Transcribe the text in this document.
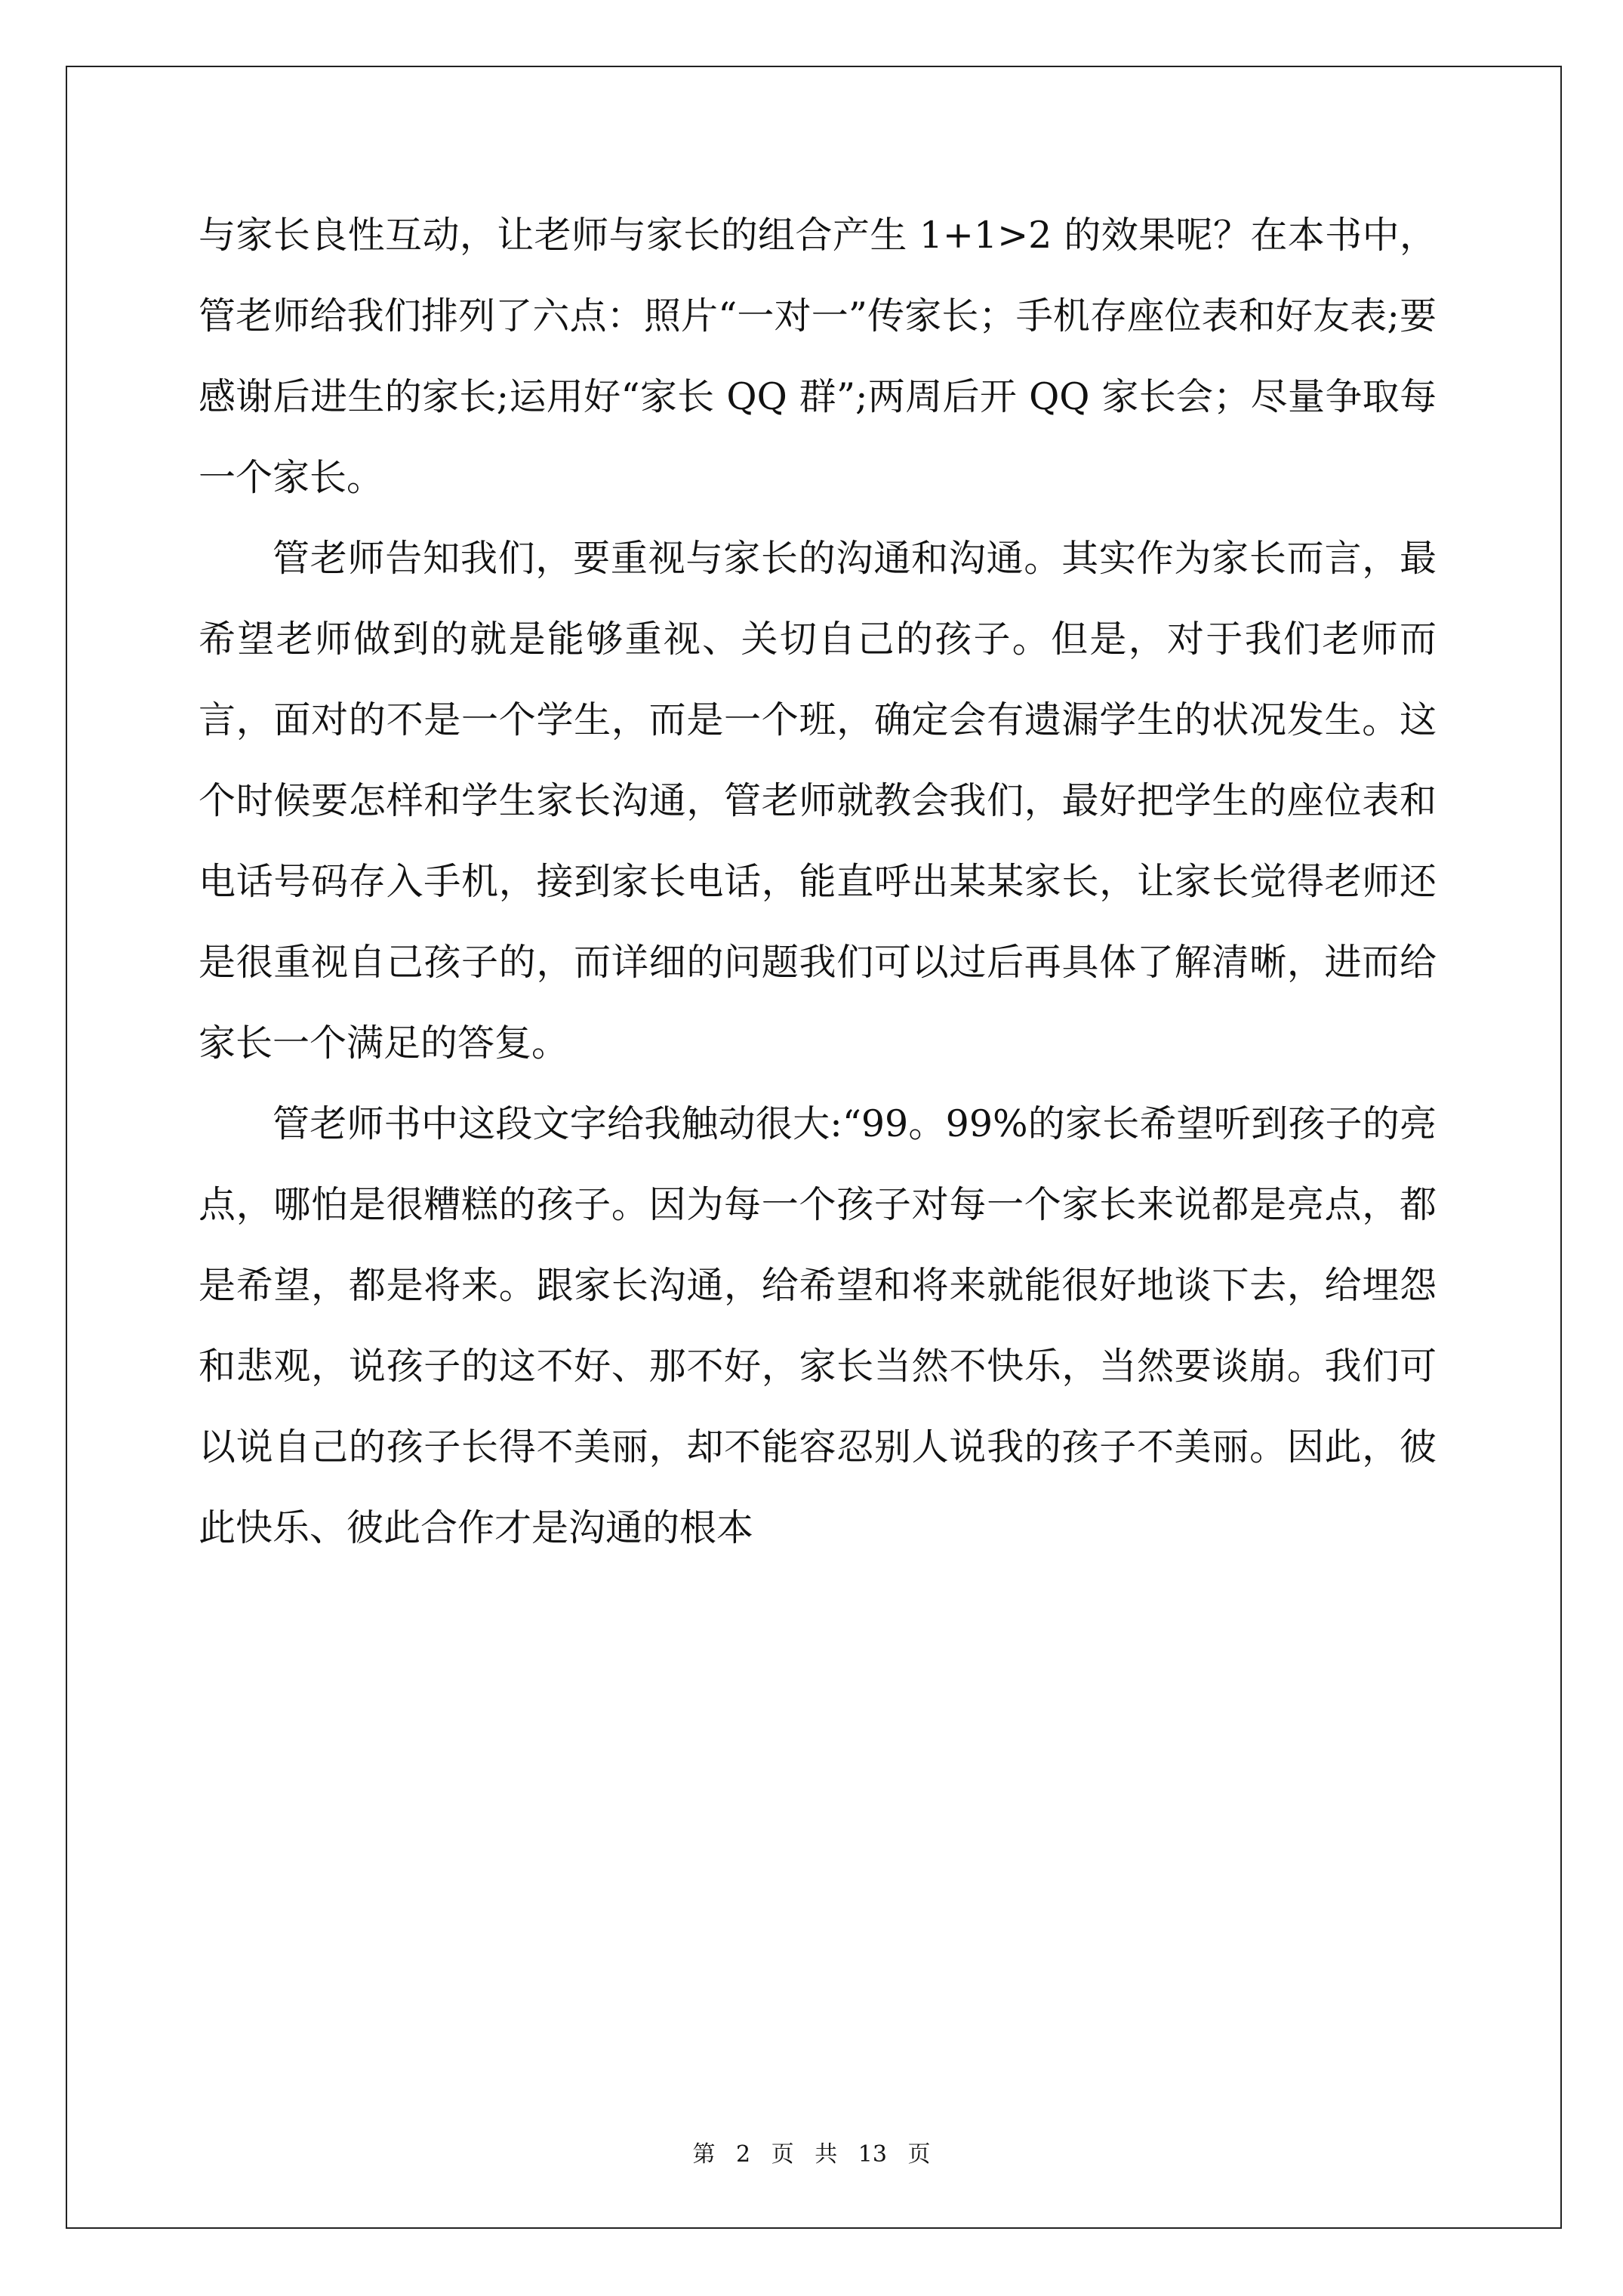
与家长良性互动，让老师与家长的组合产生 1+1>2 的效果呢？在本书中，管老师给我们排列了六点：照片“一对一”传家长；手机存座位表和好友表;要感谢后进生的家长;运用好“家长 QQ 群”;两周后开 QQ 家长会；尽量争取每一个家长。

管老师告知我们，要重视与家长的沟通和沟通。其实作为家长而言，最希望老师做到的就是能够重视、关切自己的孩子。但是，对于我们老师而言，面对的不是一个学生，而是一个班，确定会有遗漏学生的状况发生。这个时候要怎样和学生家长沟通，管老师就教会我们，最好把学生的座位表和电话号码存入手机，接到家长电话，能直呼出某某家长，让家长觉得老师还是很重视自己孩子的，而详细的问题我们可以过后再具体了解清晰，进而给家长一个满足的答复。

管老师书中这段文字给我触动很大:“99。99%的家长希望听到孩子的亮点，哪怕是很糟糕的孩子。因为每一个孩子对每一个家长来说都是亮点，都是希望，都是将来。跟家长沟通，给希望和将来就能很好地谈下去，给埋怨和悲观，说孩子的这不好、那不好，家长当然不快乐，当然要谈崩。我们可以说自己的孩子长得不美丽，却不能容忍别人说我的孩子不美丽。因此，彼此快乐、彼此合作才是沟通的根本

第 2 页 共 13 页
